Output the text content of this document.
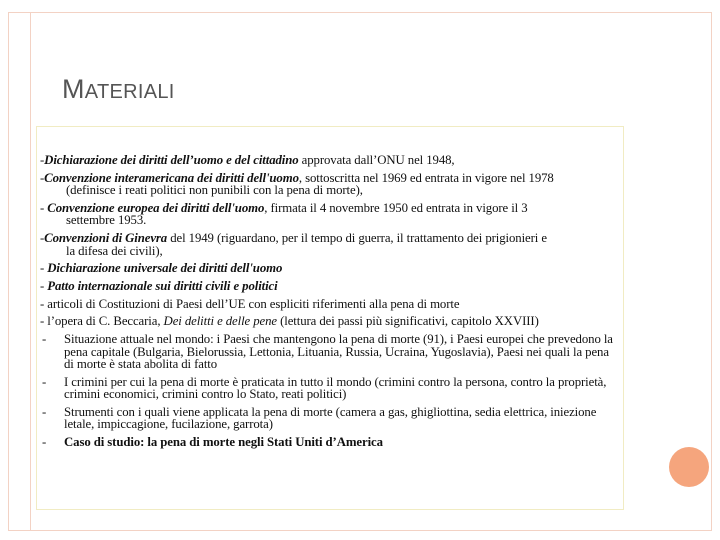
MATERIALI
-Dichiarazione dei diritti dell’uomo e del cittadino approvata dall’ONU nel 1948,
-Convenzione interamericana dei diritti dell'uomo, sottoscritta nel 1969 ed entrata in vigore nel 1978
(definisce i reati politici non punibili con la pena di morte),
- Convenzione europea dei diritti dell'uomo, firmata il 4 novembre 1950 ed entrata in vigore il 3
settembre 1953.
-Convenzioni di Ginevra del 1949 (riguardano, per il tempo di guerra, il trattamento dei prigionieri e
la difesa dei civili),
- Dichiarazione universale dei diritti dell'uomo
- Patto internazionale sui diritti civili e politici
- articoli di Costituzioni di Paesi dell’UE con espliciti riferimenti alla pena di morte
- l’opera di C. Beccaria, Dei delitti e delle pene (lettura dei passi più significativi, capitolo XXVIII)
- Situazione attuale nel mondo: i Paesi che mantengono la pena di morte (91), i Paesi europei che prevedono la pena capitale (Bulgaria, Bielorussia, Lettonia, Lituania, Russia, Ucraina, Yugoslavia), Paesi nei quali la pena di morte è stata abolita di fatto
- I crimini per cui la pena di morte è praticata in tutto il mondo (crimini contro la persona, contro la proprietà, crimini economici, crimini contro lo Stato, reati politici)
- Strumenti con i quali viene applicata la pena di morte (camera a gas, ghigliottina, sedia elettrica, iniezione letale, impiccagione, fucilazione, garrota)
- Caso di studio: la pena di morte negli Stati Uniti d’America
